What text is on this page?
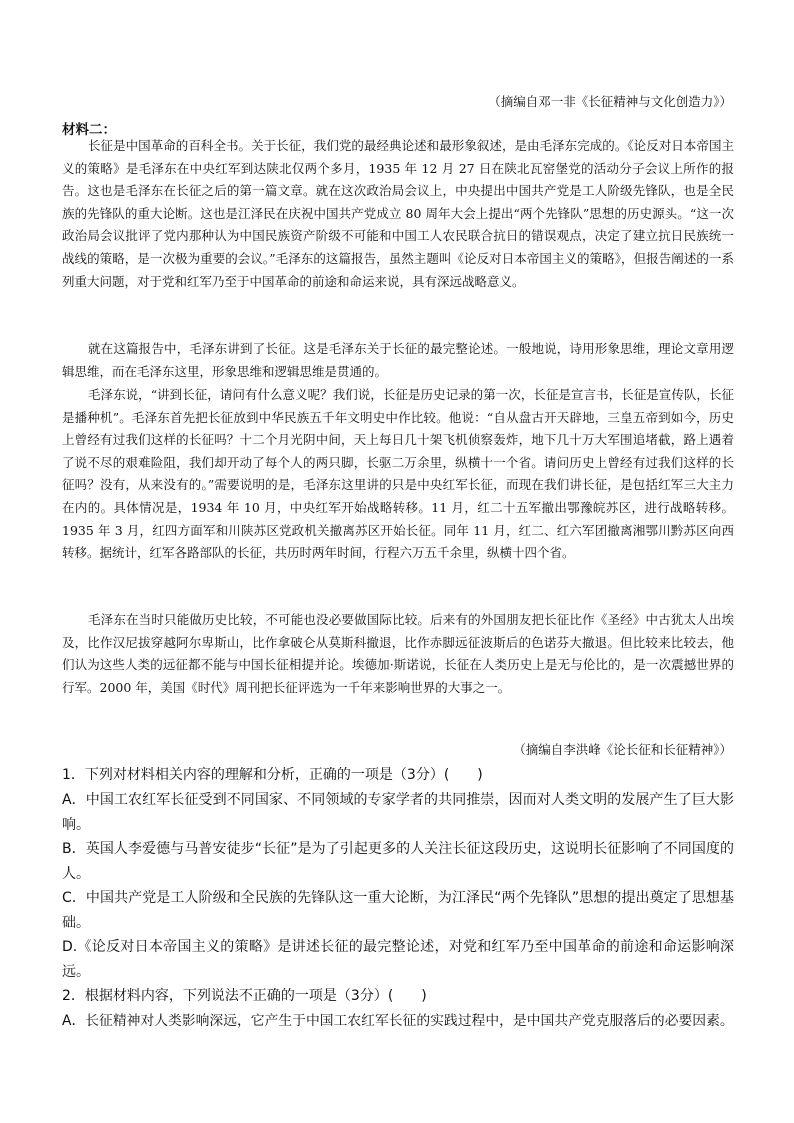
（摘编自邓一非《长征精神与文化创造力》）
材料二：

长征是中国革命的百科全书。关于长征，我们党的最经典论述和最形象叙述，是由毛泽东完成的。《论反对日本帝国主义的策略》是毛泽东在中央红军到达陕北仅两个多月，1935 年 12 月 27 日在陕北瓦窑堡党的活动分子会议上所作的报告。这也是毛泽东在长征之后的第一篇文章。就在这次政治局会议上，中央提出中国共产党是工人阶级先锋队，也是全民族的先锋队的重大论断。这也是江泽民在庆祝中国共产党成立 80 周年大会上提出“两个先锋队”思想的历史源头。“这一次政治局会议批评了党内那种认为中国民族资产阶级不可能和中国工人农民联合抗日的错误观点，决定了建立抗日民族统一战线的策略，是一次极为重要的会议。”毛泽东的这篇报告，虽然主题叫《论反对日本帝国主义的策略》，但报告阐述的一系列重大问题，对于党和红军乃至于中国革命的前途和命运来说，具有深远战略意义。

就在这篇报告中，毛泽东讲到了长征。这是毛泽东关于长征的最完整论述。一般地说，诗用形象思维，理论文章用逻辑思维，而在毛泽东这里，形象思维和逻辑思维是贯通的。

毛泽东说，“讲到长征，请问有什么意义呢？我们说，长征是历史记录的第一次，长征是宣言书，长征是宣传队，长征是播种机”。毛泽东首先把长征放到中华民族五千年文明史中作比较。他说：“自从盘古开天辟地，三皇五帝到如今，历史上曾经有过我们这样的长征吗？十二个月光阴中间，天上每日几十架飞机侦察轰炸，地下几十万大军围追堵截，路上遇着了说不尽的艰难险阻，我们却开动了每个人的两只脚，长驱二万余里，纵横十一个省。请问历史上曾经有过我们这样的长征吗？没有，从来没有的。”需要说明的是，毛泽东这里讲的只是中央红军长征，而现在我们讲长征，是包括红军三大主力在内的。具体情况是，1934 年 10 月，中央红军开始战略转移。11 月，红二十五军撤出鄂豫皖苏区，进行战略转移。1935 年 3 月，红四方面军和川陕苏区党政机关撤离苏区开始长征。同年 11 月，红二、红六军团撤离湘鄂川黔苏区向西转移。据统计，红军各路部队的长征，共历时两年时间，行程六万五千余里，纵横十四个省。

毛泽东在当时只能做历史比较，不可能也没必要做国际比较。后来有的外国朋友把长征比作《圣经》中古犹太人出埃及，比作汉尼拔穿越阿尔卑斯山，比作拿破仑从莫斯科撤退，比作赤脚远征波斯后的色诺芬大撤退。但比较来比较去，他们认为这些人类的远征都不能与中国长征相提并论。埃德加·斯诺说，长征在人类历史上是无与伦比的，是一次震撼世界的行军。2000 年，美国《时代》周刊把长征评选为一千年来影响世界的大事之一。

（摘编自李洪峰《论长征和长征精神》）

1．下列对材料相关内容的理解和分析，正确的一项是（3分）(　　)

A．中国工农红军长征受到不同国家、不同领域的专家学者的共同推崇，因而对人类文明的发展产生了巨大影响。

B．英国人李爱德与马普安徒步“长征”是为了引起更多的人关注长征这段历史，这说明长征影响了不同国度的人。

C．中国共产党是工人阶级和全民族的先锋队这一重大论断，为江泽民“两个先锋队”思想的提出奠定了思想基础。

D.《论反对日本帝国主义的策略》是讲述长征的最完整论述，对党和红军乃至中国革命的前途和命运影响深远。

2．根据材料内容，下列说法不正确的一项是（3分）(　　)

A．长征精神对人类影响深远，它产生于中国工农红军长征的实践过程中，是中国共产党克服落后的必要因素。
